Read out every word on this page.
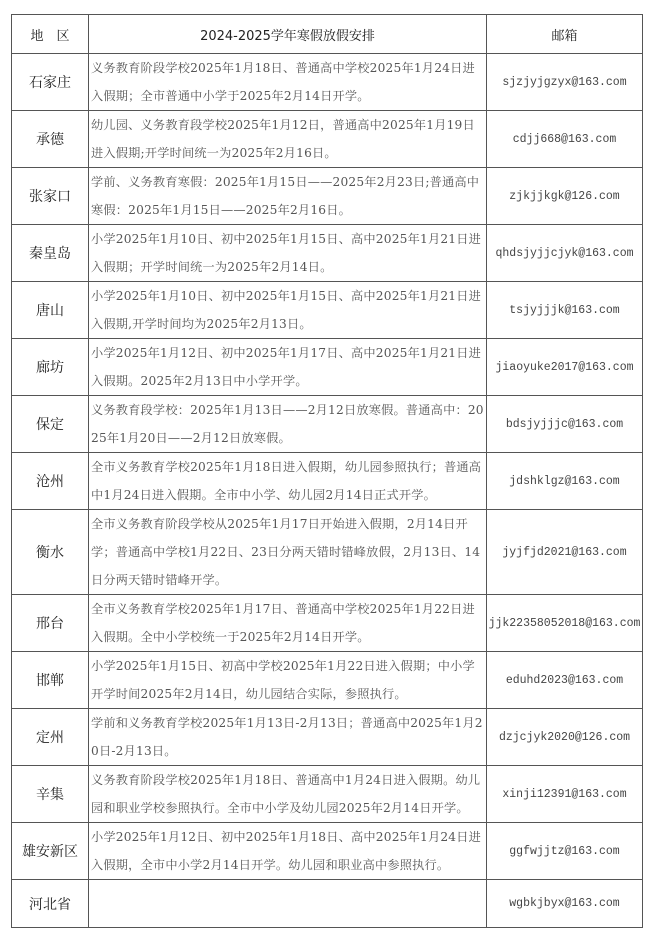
地　区	2024-2025学年寒假放假安排	邮箱
石家庄	义务教育阶段学校2025年1月18日、普通高中学校2025年1月24日进入假期；全市普通中小学于2025年2月14日开学。	sjzjyjgzyx@163.com
承德	幼儿园、义务教育段学校2025年1月12日，普通高中2025年1月19日进入假期;开学时间统一为2025年2月16日。	cdjj668@163.com
张家口	学前、义务教育寒假：2025年1月15日——2025年2月23日;普通高中寒假：2025年1月15日——2025年2月16日。	zjkjjkgk@126.com
秦皇岛	小学2025年1月10日、初中2025年1月15日、高中2025年1月21日进入假期；开学时间统一为2025年2月14日。	qhdsjyjjcjyk@163.com
唐山	小学2025年1月10日、初中2025年1月15日、高中2025年1月21日进入假期,开学时间均为2025年2月13日。	tsjyjjjk@163.com
廊坊	小学2025年1月12日、初中2025年1月17日、高中2025年1月21日进入假期。2025年2月13日中小学开学。	jiaoyuke2017@163.com
保定	义务教育段学校：2025年1月13日——2月12日放寒假。普通高中：2025年1月20日——2月12日放寒假。	bdsjyjjjc@163.com
沧州	全市义务教育学校2025年1月18日进入假期，幼儿园参照执行；普通高中1月24日进入假期。全市中小学、幼儿园2月14日正式开学。	jdshklgz@163.com
衡水	全市义务教育阶段学校从2025年1月17日开始进入假期，2月14日开学；普通高中学校1月22日、23日分两天错时错峰放假，2月13日、14日分两天错时错峰开学。	jyjfjd2021@163.com
邢台	全市义务教育学校2025年1月17日、普通高中学校2025年1月22日进入假期。全中小学校统一于2025年2月14日开学。	jjk22358052018@163.com
邯郸	小学2025年1月15日、初高中学校2025年1月22日进入假期；中小学开学时间2025年2月14日，幼儿园结合实际，参照执行。	eduhd2023@163.com
定州	学前和义务教育学校2025年1月13日-2月13日；普通高中2025年1月20日-2月13日。	dzjcjyk2020@126.com
辛集	义务教育阶段学校2025年1月18日、普通高中1月24日进入假期。幼儿园和职业学校参照执行。全市中小学及幼儿园2025年2月14日开学。	xinji12391@163.com
雄安新区	小学2025年1月12日、初中2025年1月18日、高中2025年1月24日进入假期，全市中小学2月14日开学。幼儿园和职业高中参照执行。	ggfwjjtz@163.com
河北省		wgbkjbyx@163.com
